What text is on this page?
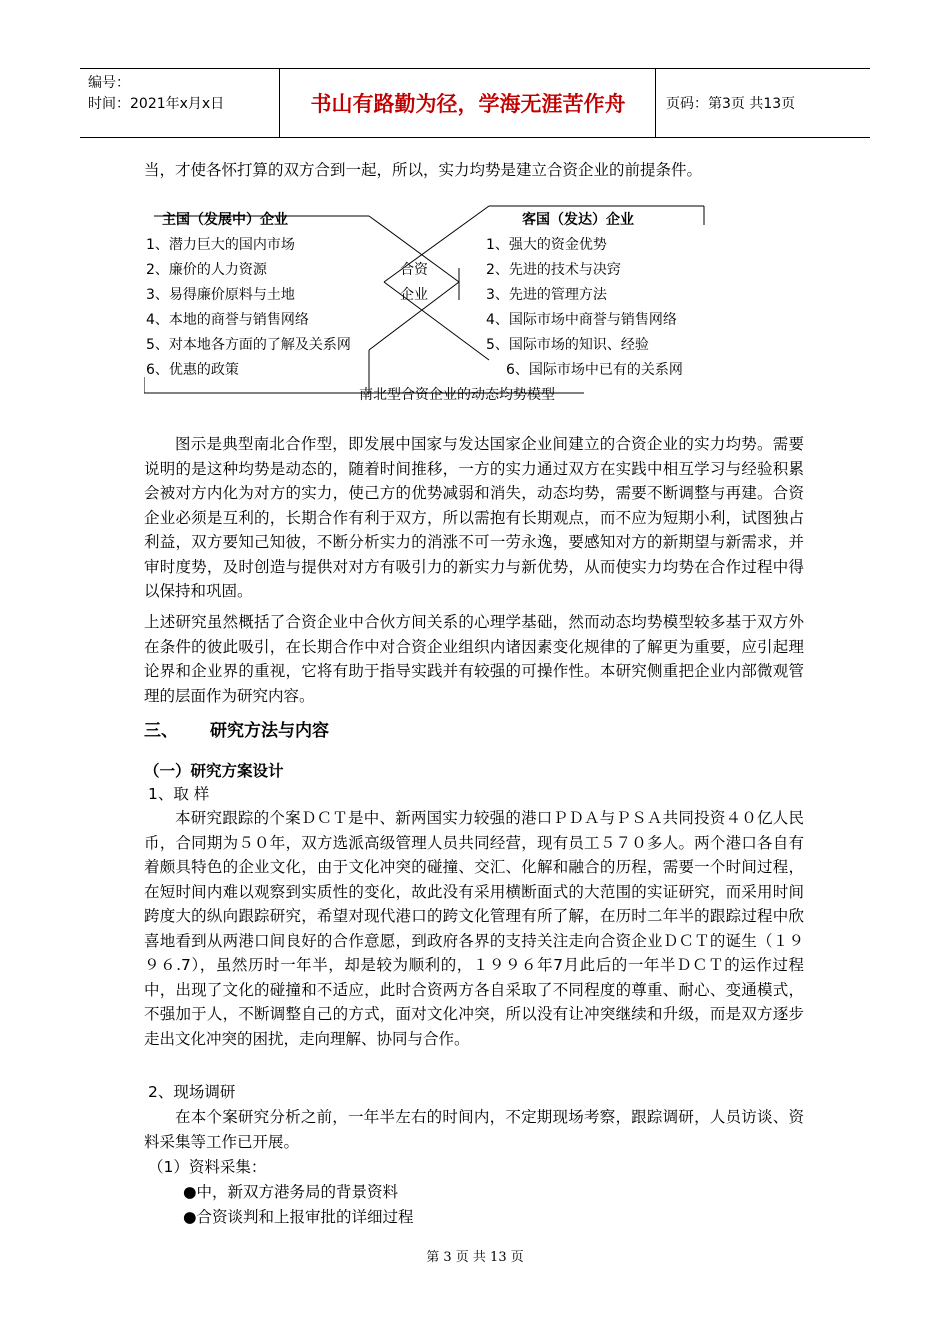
编号：
时间：2021年x月x日	书山有路勤为径，学海无涯苦作舟	页码：第3页 共13页
当，才使各怀打算的双方合到一起，所以，实力均势是建立合资企业的前提条件。
主国（发展中）企业
1、潜力巨大的国内市场
2、廉价的人力资源
3、易得廉价原料与土地
4、本地的商誉与销售网络
5、对本地各方面的了解及关系网
6、优惠的政策
合资
企业
客国（发达）企业
1、强大的资金优势
2、先进的技术与决窍
3、先进的管理方法
4、国际市场中商誉与销售网络
5、国际市场的知识、经验
6、国际市场中已有的关系网
南北型合资企业的动态均势模型
图示是典型南北合作型，即发展中国家与发达国家企业间建立的合资企业的实力均势。需要说明的是这种均势是动态的，随着时间推移，一方的实力通过双方在实践中相互学习与经验积累会被对方内化为对方的实力，使己方的优势减弱和消失，动态均势，需要不断调整与再建。合资企业必须是互利的，长期合作有利于双方，所以需抱有长期观点，而不应为短期小利，试图独占利益，双方要知己知彼，不断分析实力的消涨不可一劳永逸，要感知对方的新期望与新需求，并审时度势，及时创造与提供对对方有吸引力的新实力与新优势，从而使实力均势在合作过程中得以保持和巩固。
上述研究虽然概括了合资企业中合伙方间关系的心理学基础，然而动态均势模型较多基于双方外在条件的彼此吸引，在长期合作中对合资企业组织内诸因素变化规律的了解更为重要，应引起理论界和企业界的重视，它将有助于指导实践并有较强的可操作性。本研究侧重把企业内部微观管理的层面作为研究内容。
三、 研究方法与内容
（一）研究方案设计
1、取 样
本研究跟踪的个案ＤＣＴ是中、新两国实力较强的港口ＰＤＡ与ＰＳＡ共同投资４０亿人民币，合同期为５０年，双方选派高级管理人员共同经营，现有员工５７０多人。两个港口各自有着颇具特色的企业文化，由于文化冲突的碰撞、交汇、化解和融合的历程，需要一个时间过程，在短时间内难以观察到实质性的变化，故此没有采用横断面式的大范围的实证研究，而采用时间跨度大的纵向跟踪研究，希望对现代港口的跨文化管理有所了解，在历时二年半的跟踪过程中欣喜地看到从两港口间良好的合作意愿，到政府各界的支持关注走向合资企业ＤＣＴ的诞生（１９９６.7），虽然历时一年半，却是较为顺利的，１９９６年7月此后的一年半ＤＣＴ的运作过程中，出现了文化的碰撞和不适应，此时合资两方各自采取了不同程度的尊重、耐心、变通模式，不强加于人，不断调整自己的方式，面对文化冲突，所以没有让冲突继续和升级，而是双方逐步走出文化冲突的困扰，走向理解、协同与合作。
2、现场调研
在本个案研究分析之前，一年半左右的时间内，不定期现场考察，跟踪调研，人员访谈、资料采集等工作已开展。
（1）资料采集：
●中，新双方港务局的背景资料
●合资谈判和上报审批的详细过程
第 3 页 共 13 页
